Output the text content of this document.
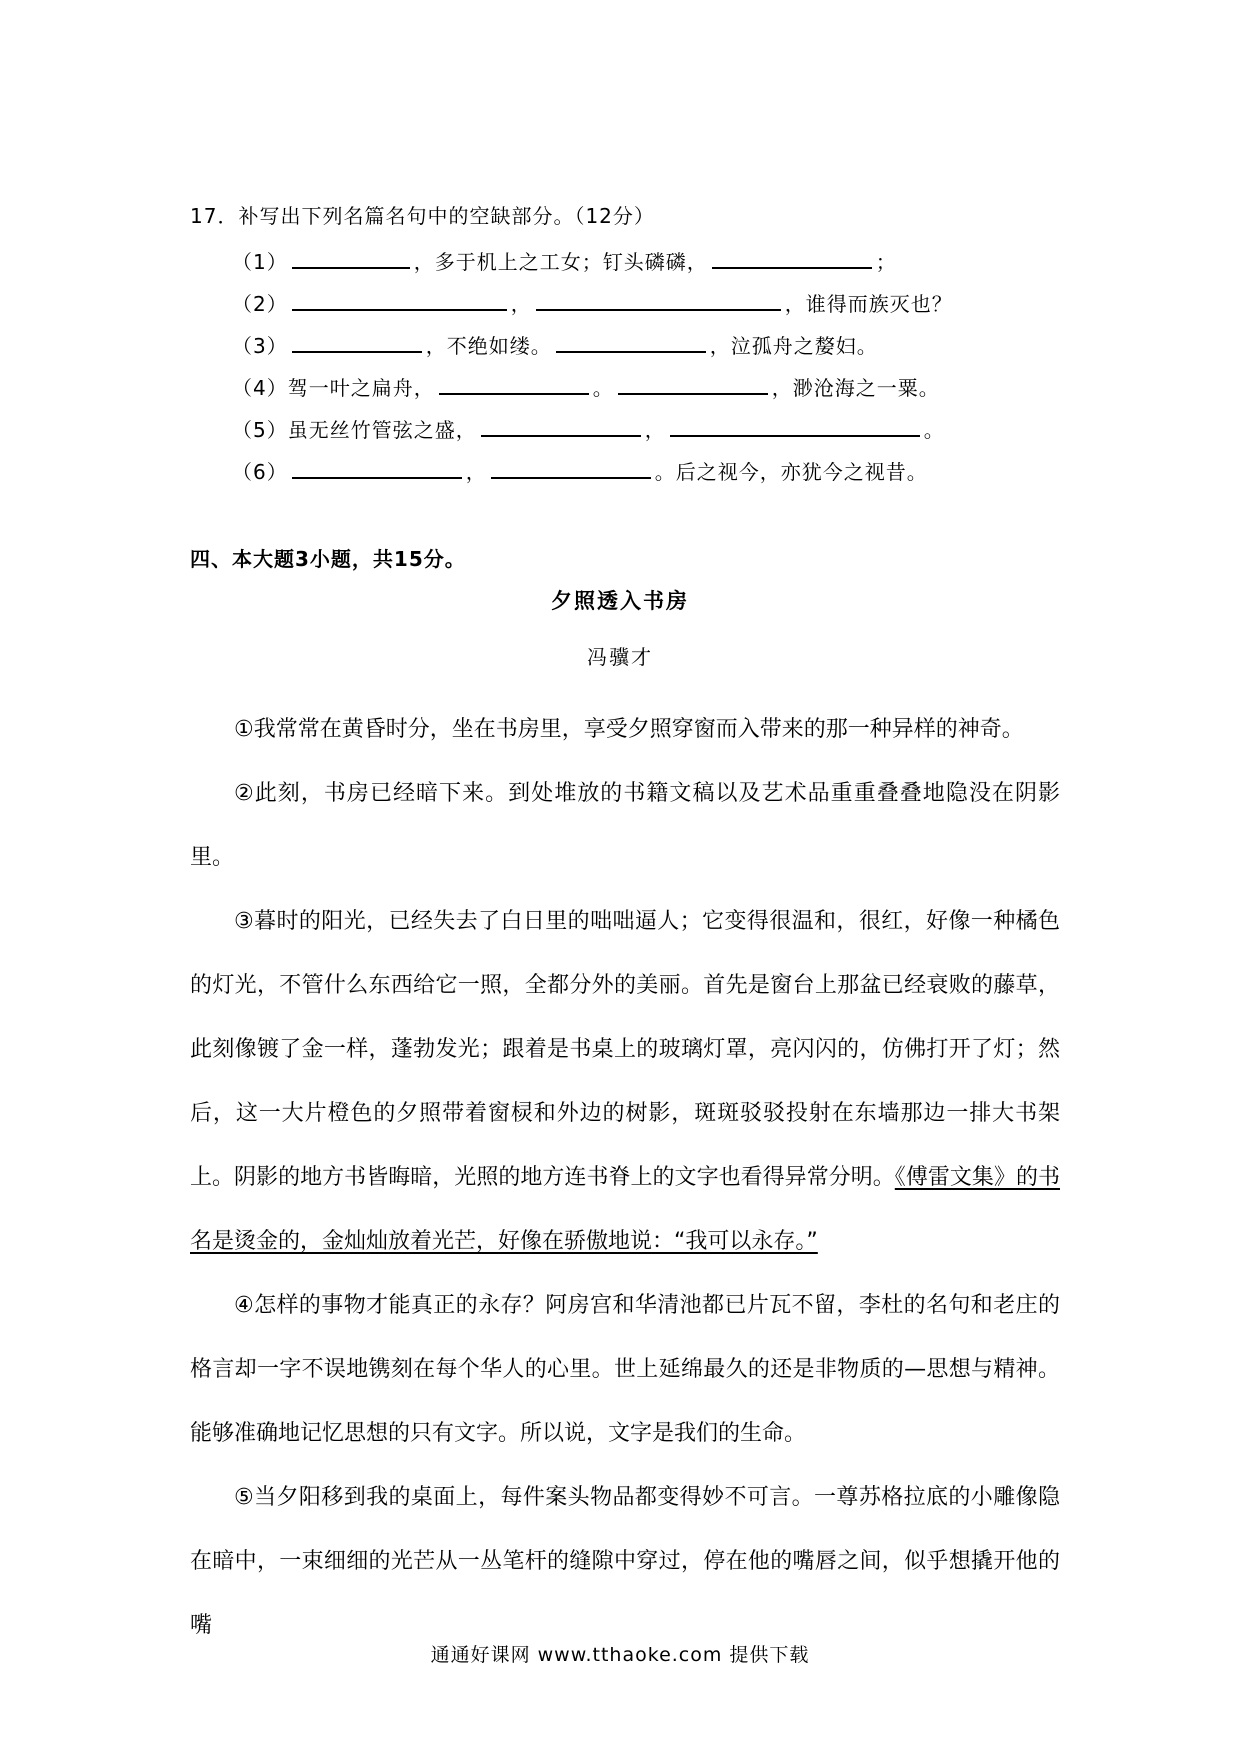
17．补写出下列名篇名句中的空缺部分。（12分）
（1）	，多于机上之工女；钉头磷磷，	；
（2）	，	，谁得而族灭也？
（3）	，不绝如缕。	，泣孤舟之嫠妇。
（4）驾一叶之扁舟，	。	，渺沧海之一粟。
（5）虽无丝竹管弦之盛，	，	。
（6）	，	。后之视今，亦犹今之视昔。
四、本大题3小题，共15分。
夕照透入书房
冯骥才

①我常常在黄昏时分，坐在书房里，享受夕照穿窗而入带来的那一种异样的神奇。

②此刻，书房已经暗下来。到处堆放的书籍文稿以及艺术品重重叠叠地隐没在阴影里。

③暮时的阳光，已经失去了白日里的咄咄逼人；它变得很温和，很红，好像一种橘色的灯光，不管什么东西给它一照，全都分外的美丽。首先是窗台上那盆已经衰败的藤草，此刻像镀了金一样，蓬勃发光；跟着是书桌上的玻璃灯罩，亮闪闪的，仿佛打开了灯；然后，这一大片橙色的夕照带着窗棂和外边的树影，斑斑驳驳投射在东墙那边一排大书架上。阴影的地方书皆晦暗，光照的地方连书脊上的文字也看得异常分明。《傅雷文集》的书名是烫金的，金灿灿放着光芒，好像在骄傲地说：“我可以永存。”

④怎样的事物才能真正的永存？阿房宫和华清池都已片瓦不留，李杜的名句和老庄的格言却一字不误地镌刻在每个华人的心里。世上延绵最久的还是非物质的—思想与精神。能够准确地记忆思想的只有文字。所以说，文字是我们的生命。

⑤当夕阳移到我的桌面上，每件案头物品都变得妙不可言。一尊苏格拉底的小雕像隐在暗中，一束细细的光芒从一丛笔杆的缝隙中穿过，停在他的嘴唇之间，似乎想撬开他的嘴

通通好课网 www.tthaoke.com 提供下载
